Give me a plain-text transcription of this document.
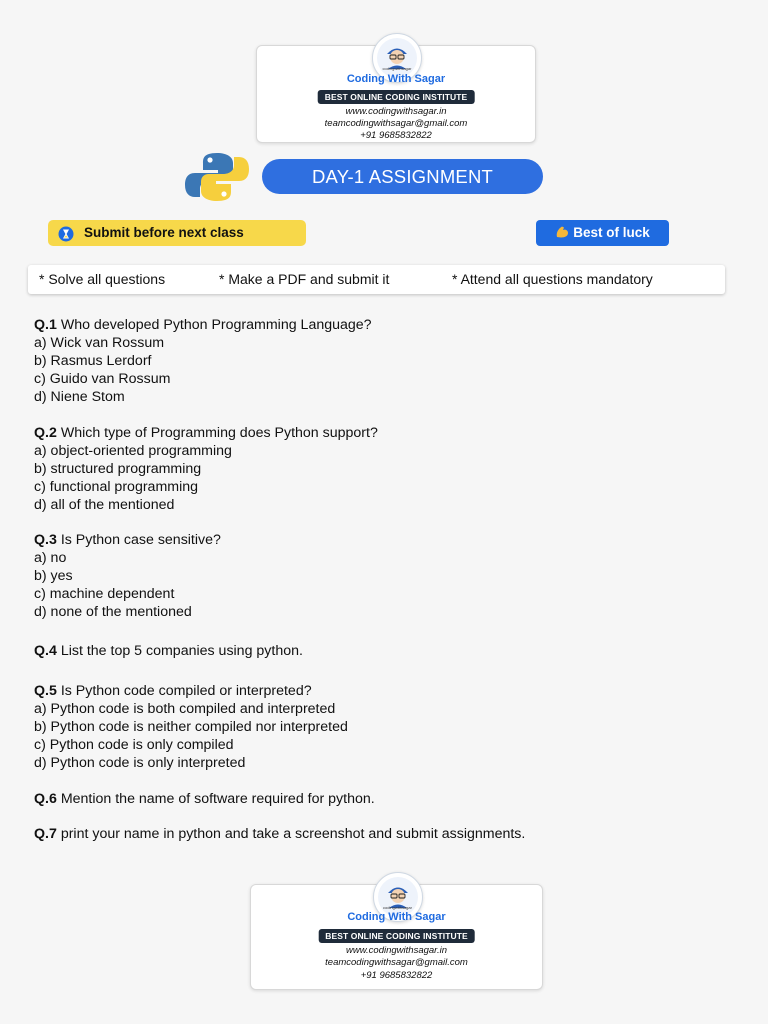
codingwithsagar
Coding With Sagar
BEST ONLINE CODING INSTITUTE
www.codingwithsagar.in
teamcodingwithsagar@gmail.com
+91 9685832822
DAY-1 ASSIGNMENT
Submit before next class	Best of luck
* Solve all questions	* Make a PDF and submit it	* Attend all questions mandatory
Q.1 Who developed Python Programming Language?
a) Wick van Rossum
b) Rasmus Lerdorf
c) Guido van Rossum
d) Niene Stom
Q.2 Which type of Programming does Python support?
a) object-oriented programming
b) structured programming
c) functional programming
d) all of the mentioned
Q.3 Is Python case sensitive?
a) no
b) yes
c) machine dependent
d) none of the mentioned
Q.4 List the top 5 companies using python.
Q.5 Is Python code compiled or interpreted?
a) Python code is both compiled and interpreted
b) Python code is neither compiled nor interpreted
c) Python code is only compiled
d) Python code is only interpreted
Q.6 Mention the name of software required for python.
Q.7 print your name in python and take a screenshot and submit assignments.
codingwithsagar
Coding With Sagar
BEST ONLINE CODING INSTITUTE
www.codingwithsagar.in
teamcodingwithsagar@gmail.com
+91 9685832822
